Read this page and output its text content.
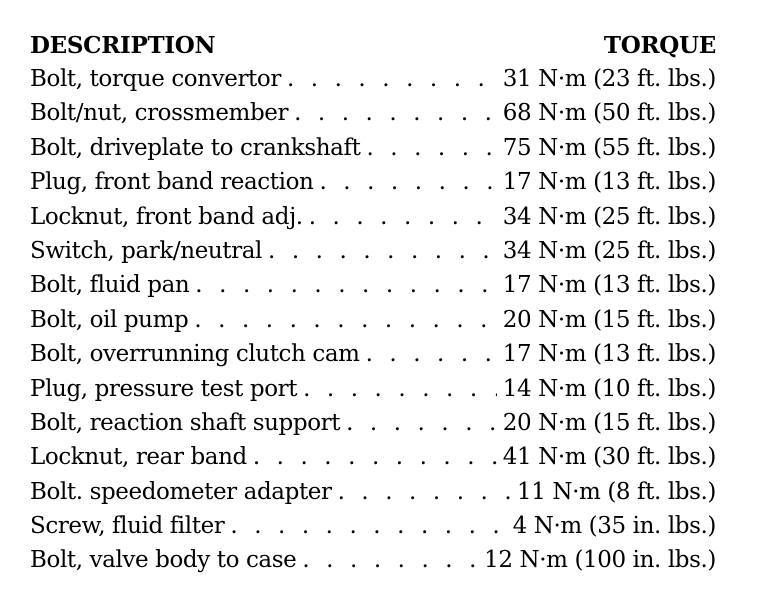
DESCRIPTION	TORQUE
Bolt, torque convertor . . .	31 N·m (23 ft. lbs.)
Bolt/nut, crossmember . . .	68 N·m (50 ft. lbs.)
Bolt, driveplate to crankshaft . . .	75 N·m (55 ft. lbs.)
Plug, front band reaction . . .	17 N·m (13 ft. lbs.)
Locknut, front band adj. . . .	34 N·m (25 ft. lbs.)
Switch, park/neutral . . .	34 N·m (25 ft. lbs.)
Bolt, fluid pan . . .	17 N·m (13 ft. lbs.)
Bolt, oil pump . . .	20 N·m (15 ft. lbs.)
Bolt, overrunning clutch cam . . .	17 N·m (13 ft. lbs.)
Plug, pressure test port . . .	14 N·m (10 ft. lbs.)
Bolt, reaction shaft support . . .	20 N·m (15 ft. lbs.)
Locknut, rear band . . .	41 N·m (30 ft. lbs.)
Bolt. speedometer adapter . . .	11 N·m (8 ft. lbs.)
Screw, fluid filter . . .	4 N·m (35 in. lbs.)
Bolt, valve body to case . . .	12 N·m (100 in. lbs.)
